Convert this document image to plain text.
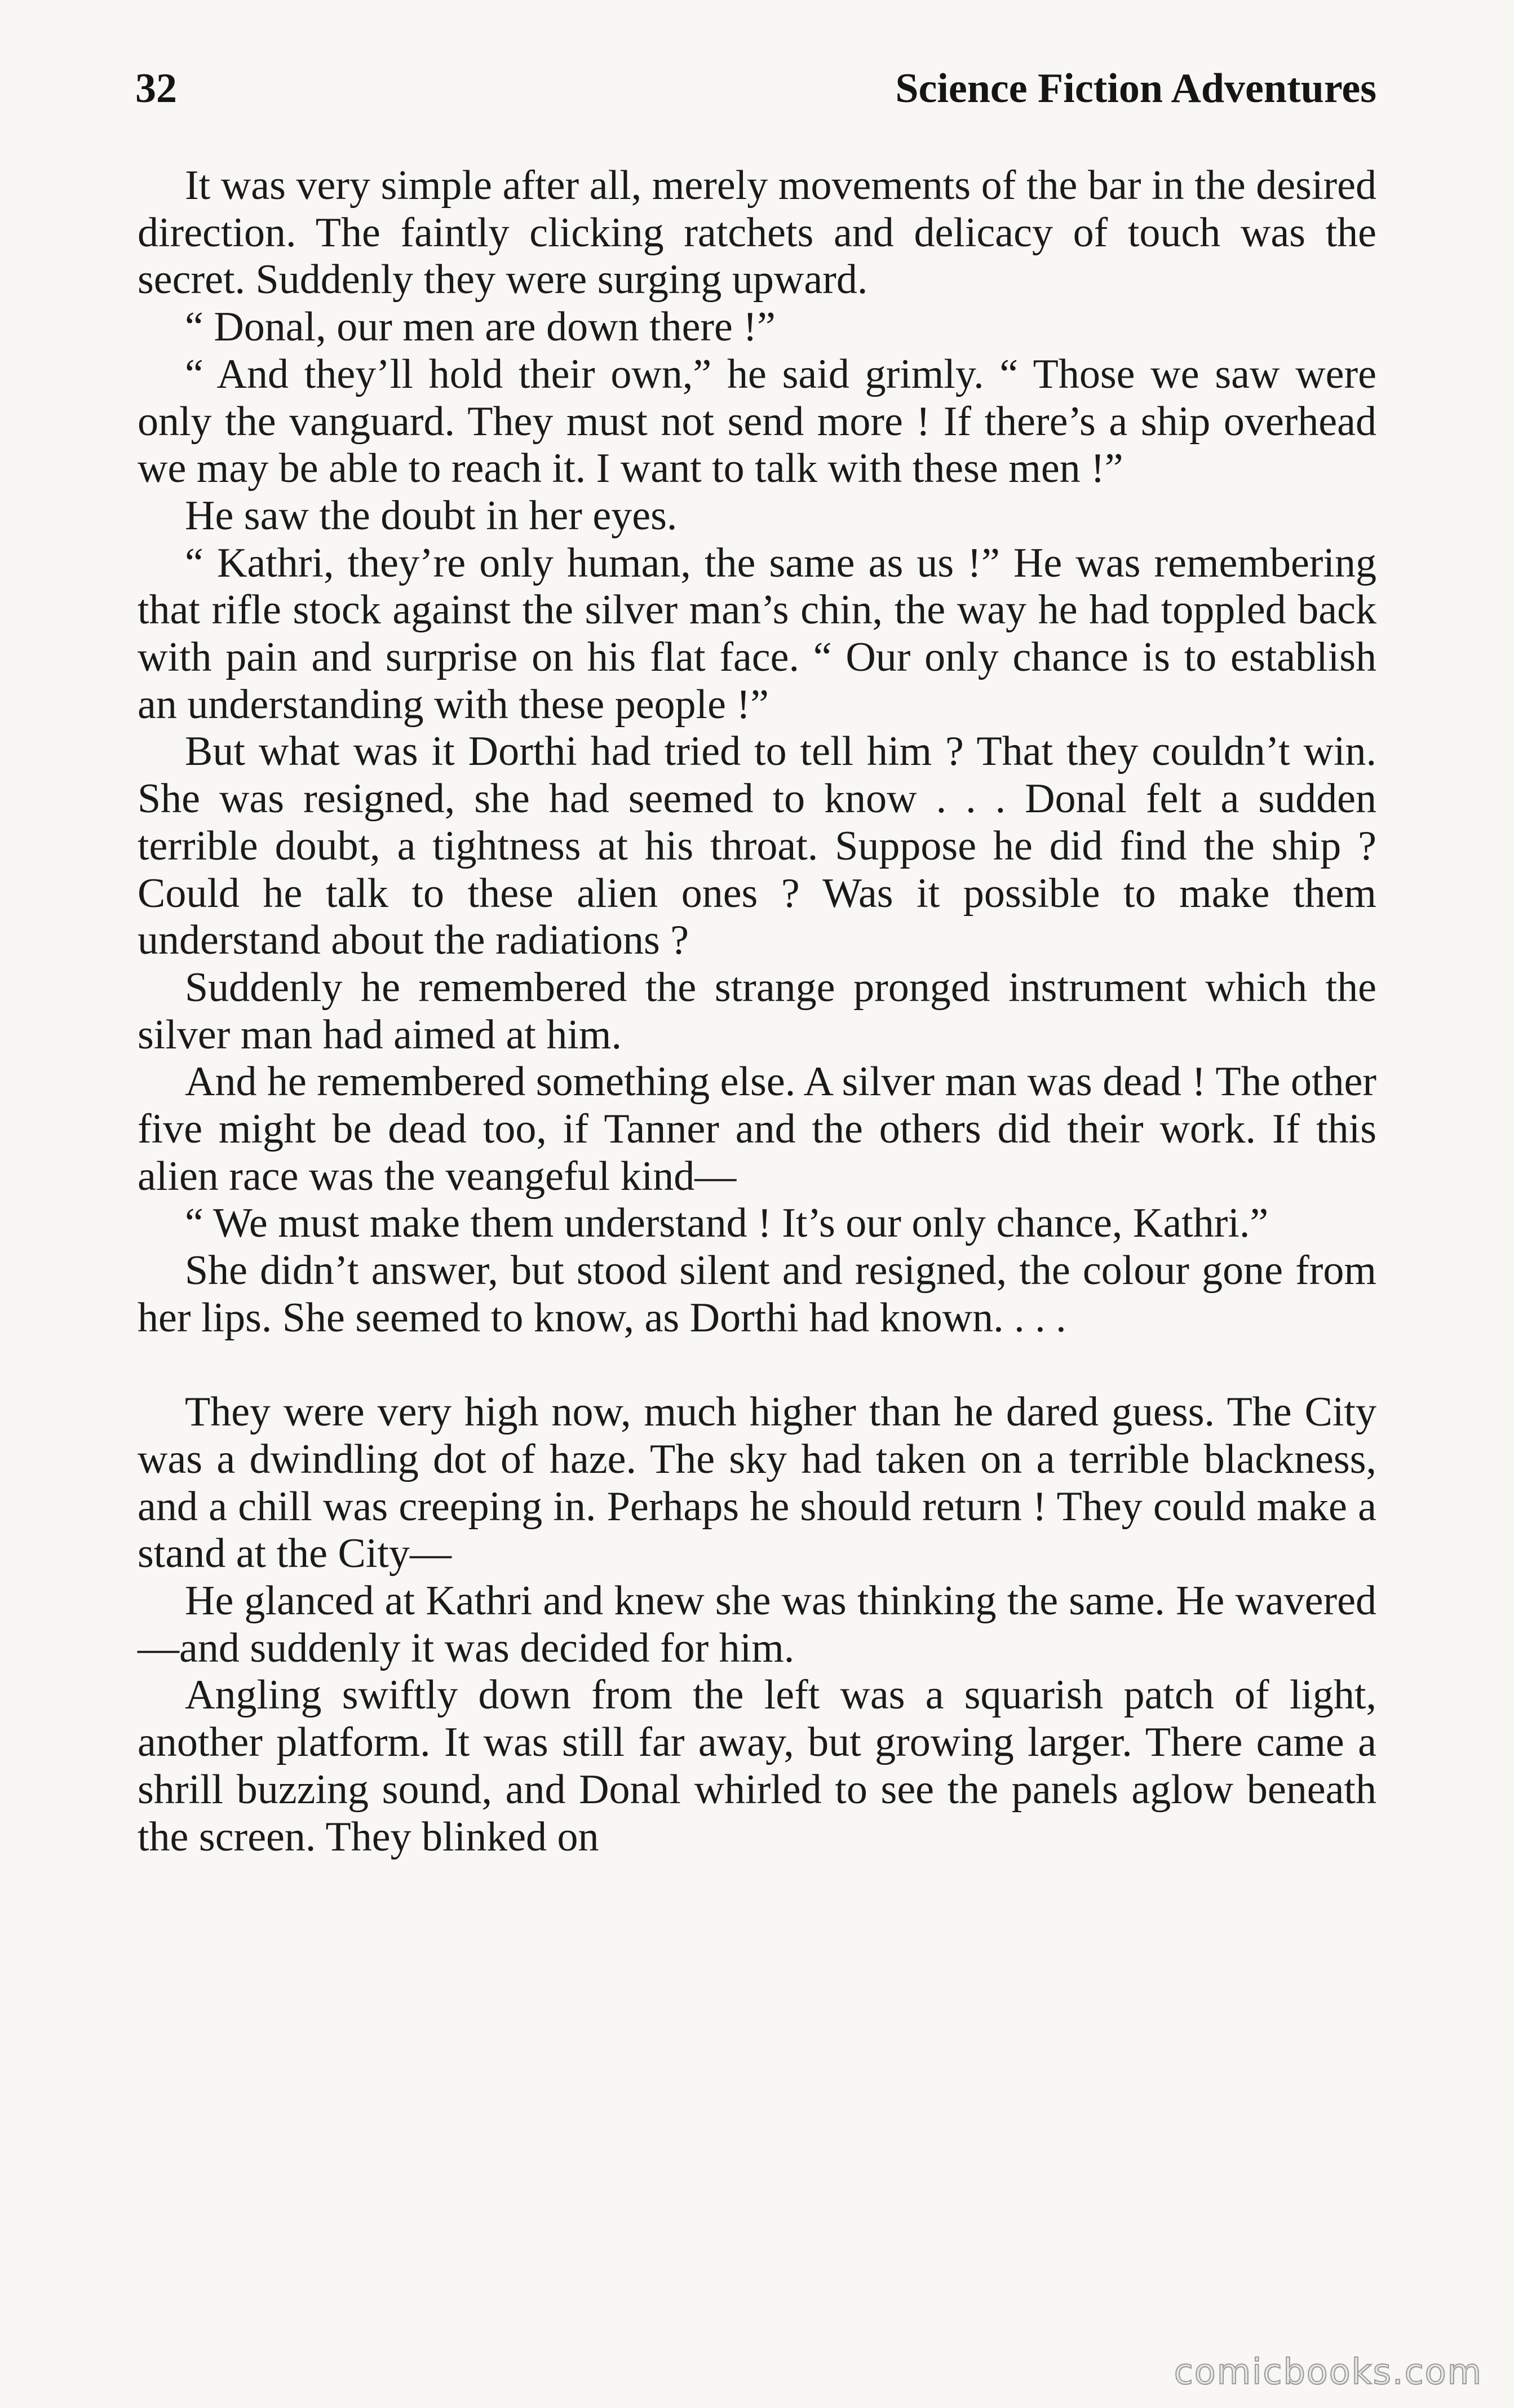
32	Science Fiction Adventures

It was very simple after all, merely movements of the bar in the desired direction. The faintly clicking ratchets and delicacy of touch was the secret. Suddenly they were surging upward.

“ Donal, our men are down there !”

“ And they’ll hold their own,” he said grimly. “ Those we saw were only the vanguard. They must not send more ! If there’s a ship overhead we may be able to reach it. I want to talk with these men !”

He saw the doubt in her eyes.

“ Kathri, they’re only human, the same as us !” He was remembering that rifle stock against the silver man’s chin, the way he had toppled back with pain and surprise on his flat face. “ Our only chance is to establish an understanding with these people !”

But what was it Dorthi had tried to tell him ? That they couldn’t win. She was resigned, she had seemed to know . . . Donal felt a sudden terrible doubt, a tightness at his throat. Suppose he did find the ship ? Could he talk to these alien ones ? Was it possible to make them understand about the radiations ?

Suddenly he remembered the strange pronged instrument which the silver man had aimed at him.

And he remembered something else. A silver man was dead ! The other five might be dead too, if Tanner and the others did their work. If this alien race was the veangeful kind—

“ We must make them understand ! It’s our only chance, Kathri.”

She didn’t answer, but stood silent and resigned, the colour gone from her lips. She seemed to know, as Dorthi had known. . . .

They were very high now, much higher than he dared guess. The City was a dwindling dot of haze. The sky had taken on a terrible blackness, and a chill was creeping in. Perhaps he should return ! They could make a stand at the City—

He glanced at Kathri and knew she was thinking the same. He wavered—and suddenly it was decided for him.

Angling swiftly down from the left was a squarish patch of light, another platform. It was still far away, but growing larger. There came a shrill buzzing sound, and Donal whirled to see the panels aglow beneath the screen. They blinked on

comicbooks.com
